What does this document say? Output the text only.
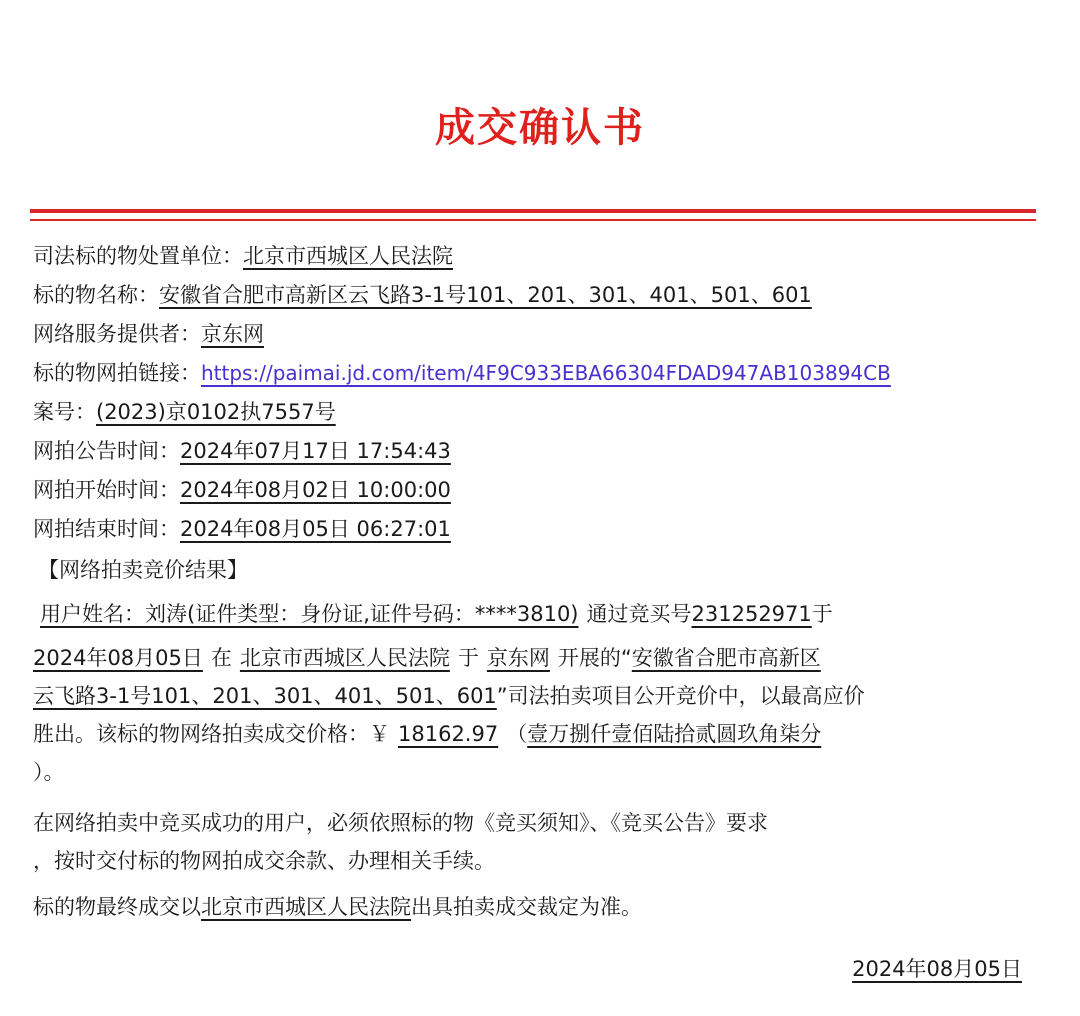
成交确认书
司法标的物处置单位：北京市西城区人民法院
标的物名称：安徽省合肥市高新区云飞路3-1号101、201、301、401、501、601
网络服务提供者：京东网
标的物网拍链接：https://paimai.jd.com/item/4F9C933EBA66304FDAD947AB103894CB
案号：(2023)京0102执7557号
网拍公告时间：2024年07月17日 17:54:43
网拍开始时间：2024年08月02日 10:00:00
网拍结束时间：2024年08月05日 06:27:01
【网络拍卖竞价结果】
用户姓名：刘涛(证件类型：身份证,证件号码：****3810) 通过竞买号231252971于
2024年08月05日 在 北京市西城区人民法院 于 京东网 开展的“安徽省合肥市高新区
云飞路3-1号101、201、301、401、501、601”司法拍卖项目公开竞价中，以最高应价
胜出。该标的物网络拍卖成交价格：￥ 18162.97 （壹万捌仟壹佰陆拾贰圆玖角柒分
）。
在网络拍卖中竞买成功的用户，必须依照标的物《竞买须知》、《竞买公告》要求
，按时交付标的物网拍成交余款、办理相关手续。
标的物最终成交以北京市西城区人民法院出具拍卖成交裁定为准。
2024年08月05日
